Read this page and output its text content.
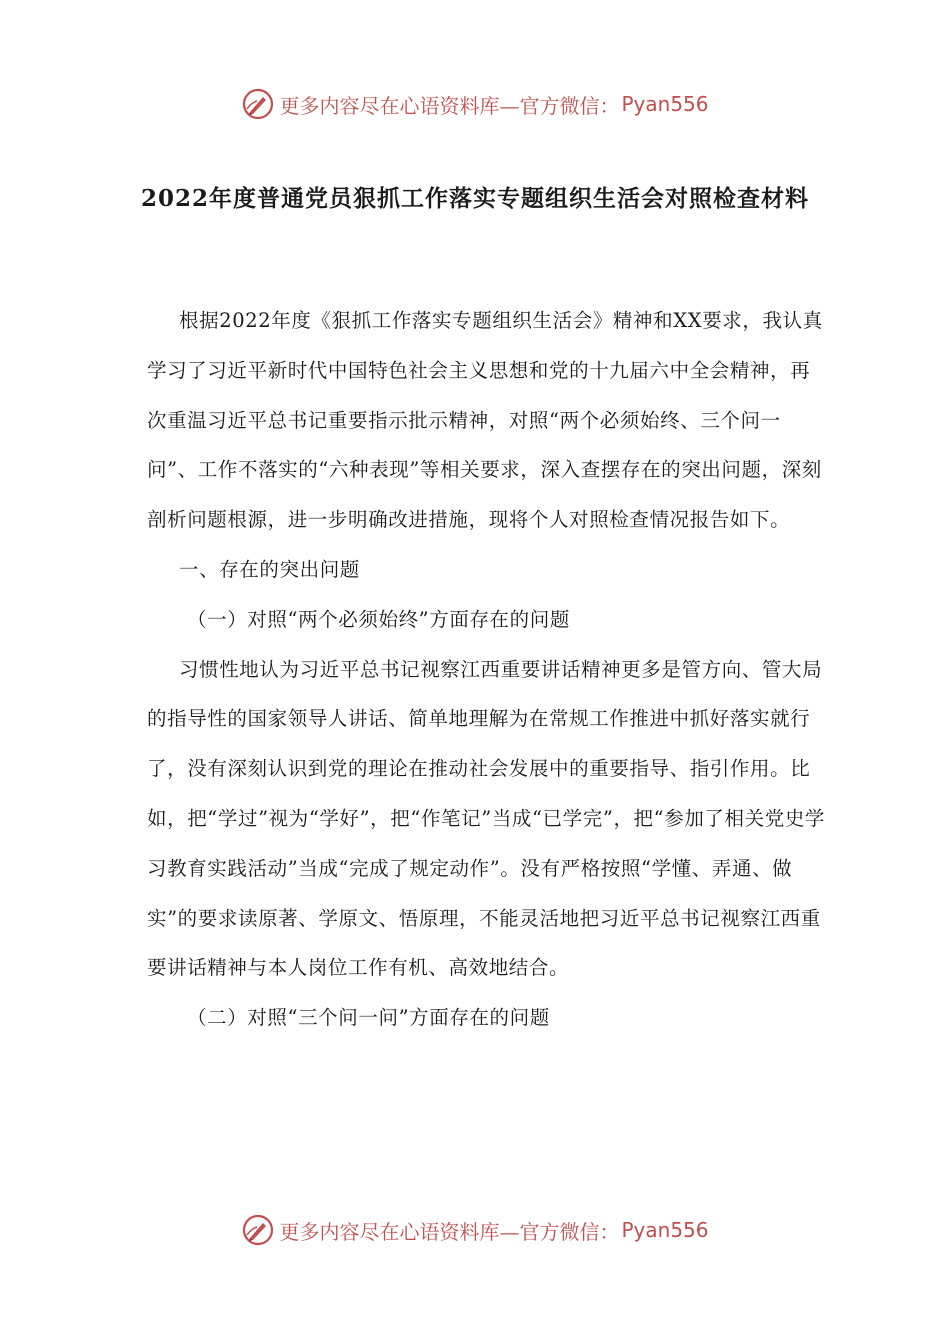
更多内容尽在心语资料库—官方微信： Pyan556
2022年度普通党员狠抓工作落实专题组织生活会对照检查材料

根据2022年度《狠抓工作落实专题组织生活会》精神和XX要求，我认真学习了习近平新时代中国特色社会主义思想和党的十九届六中全会精神，再次重温习近平总书记重要指示批示精神，对照“两个必须始终、三个问一问”、工作不落实的“六种表现”等相关要求，深入查摆存在的突出问题，深刻剖析问题根源，进一步明确改进措施，现将个人对照检查情况报告如下。

一、存在的突出问题

（一）对照“两个必须始终”方面存在的问题

习惯性地认为习近平总书记视察江西重要讲话精神更多是管方向、管大局的指导性的国家领导人讲话、简单地理解为在常规工作推进中抓好落实就行了，没有深刻认识到党的理论在推动社会发展中的重要指导、指引作用。比如，把“学过”视为“学好”，把“作笔记”当成“已学完”，把“参加了相关党史学习教育实践活动”当成“完成了规定动作”。没有严格按照“学懂、弄通、做实”的要求读原著、学原文、悟原理，不能灵活地把习近平总书记视察江西重要讲话精神与本人岗位工作有机、高效地结合。

（二）对照“三个问一问”方面存在的问题

更多内容尽在心语资料库—官方微信： Pyan556
